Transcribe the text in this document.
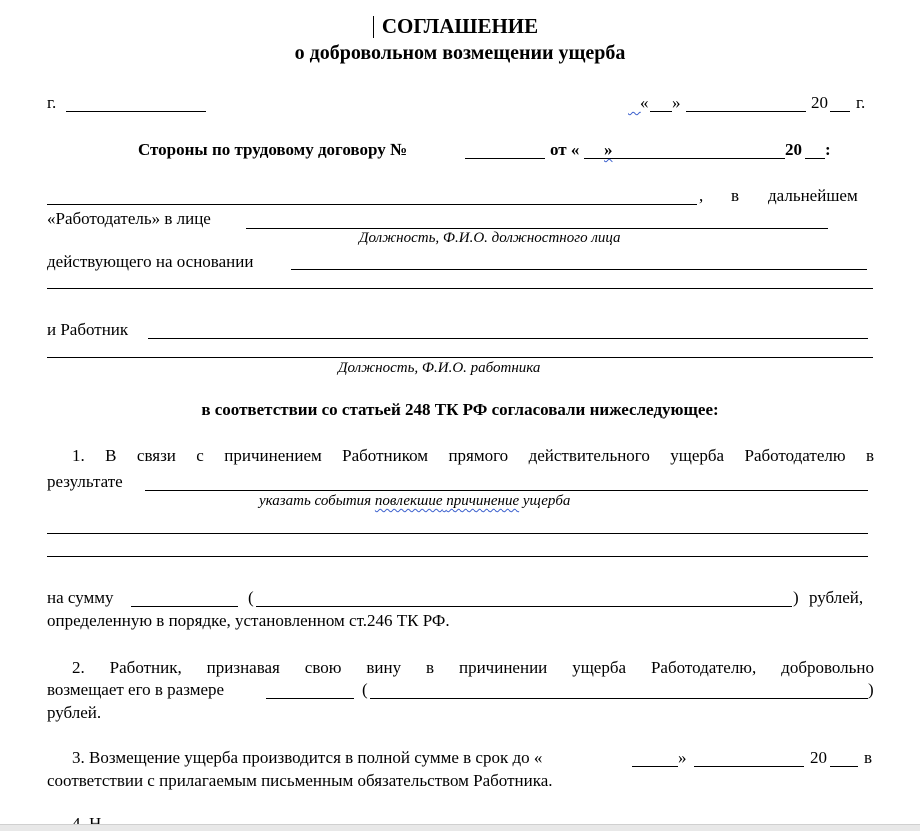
СОГЛАШЕНИЕ
о добровольном возмещении ущерба
г.
	« »	20 г.
Стороны по трудовому договору №	от « »	20 :
, в дальнейшем
«Работодатель» в лице
Должность, Ф.И.О. должностного лица
действующего на основании
и Работник
Должность, Ф.И.О. работника
в соответствии со статьей 248 ТК РФ согласовали нижеследующее:
1. В связи с причинением Работником прямого действительного ущерба Работодателю в
результате
указать события повлекшие причинение ущерба
на сумму	(	) рублей,
определенную в порядке, установленном ст.246 ТК РФ.
2. Работник, признавая свою вину в причинении ущерба Работодателю, добровольно
возмещает его в размере	(	)
рублей.
3. Возмещение ущерба производится в полной сумме в срок до «	»	20 в
соответствии с прилагаемым письменным обязательством Работника.
